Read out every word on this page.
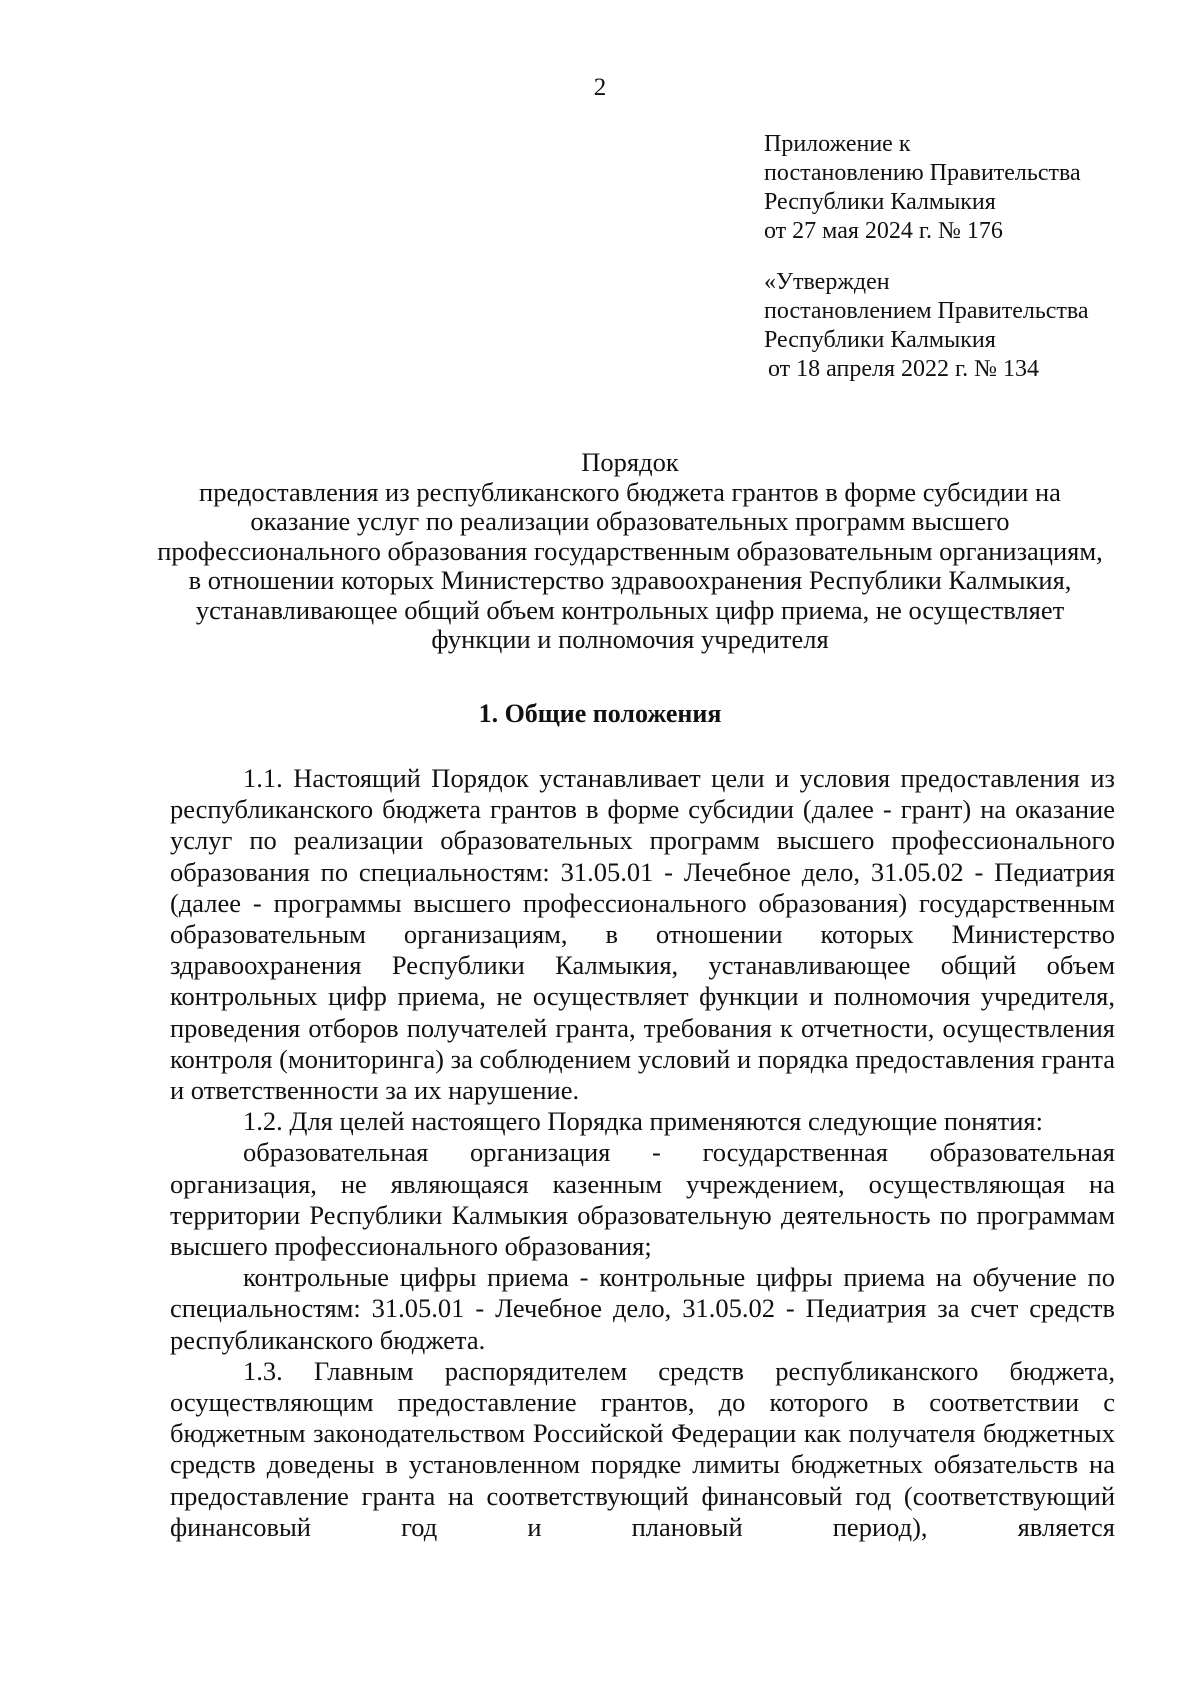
2
Приложение к
постановлению Правительства
Республики Калмыкия
от 27 мая 2024 г. № 176
«Утвержден
постановлением Правительства
Республики Калмыкия
от 18 апреля 2022 г. № 134
Порядок
предоставления из республиканского бюджета грантов в форме субсидии на оказание услуг по реализации образовательных программ высшего профессионального образования государственным образовательным организациям, в отношении которых Министерство здравоохранения Республики Калмыкия, устанавливающее общий объем контрольных цифр приема, не осуществляет функции и полномочия учредителя
1. Общие положения

1.1. Настоящий Порядок устанавливает цели и условия предоставления из республиканского бюджета грантов в форме субсидии (далее - грант) на оказание услуг по реализации образовательных программ высшего профессионального образования по специальностям: 31.05.01 - Лечебное дело, 31.05.02 - Педиатрия (далее - программы высшего профессионального образования) государственным образовательным организациям, в отношении которых Министерство здравоохранения Республики Калмыкия, устанавливающее общий объем контрольных цифр приема, не осуществляет функции и полномочия учредителя, проведения отборов получателей гранта, требования к отчетности, осуществления контроля (мониторинга) за соблюдением условий и порядка предоставления гранта и ответственности за их нарушение.

1.2. Для целей настоящего Порядка применяются следующие понятия:

образовательная организация - государственная образовательная организация, не являющаяся казенным учреждением, осуществляющая на территории Республики Калмыкия образовательную деятельность по программам высшего профессионального образования;

контрольные цифры приема - контрольные цифры приема на обучение по специальностям: 31.05.01 - Лечебное дело, 31.05.02 - Педиатрия за счет средств республиканского бюджета.

1.3. Главным распорядителем средств республиканского бюджета, осуществляющим предоставление грантов, до которого в соответствии с бюджетным законодательством Российской Федерации как получателя бюджетных средств доведены в установленном порядке лимиты бюджетных обязательств на предоставление гранта на соответствующий финансовый год (соответствующий финансовый год и плановый период), является
